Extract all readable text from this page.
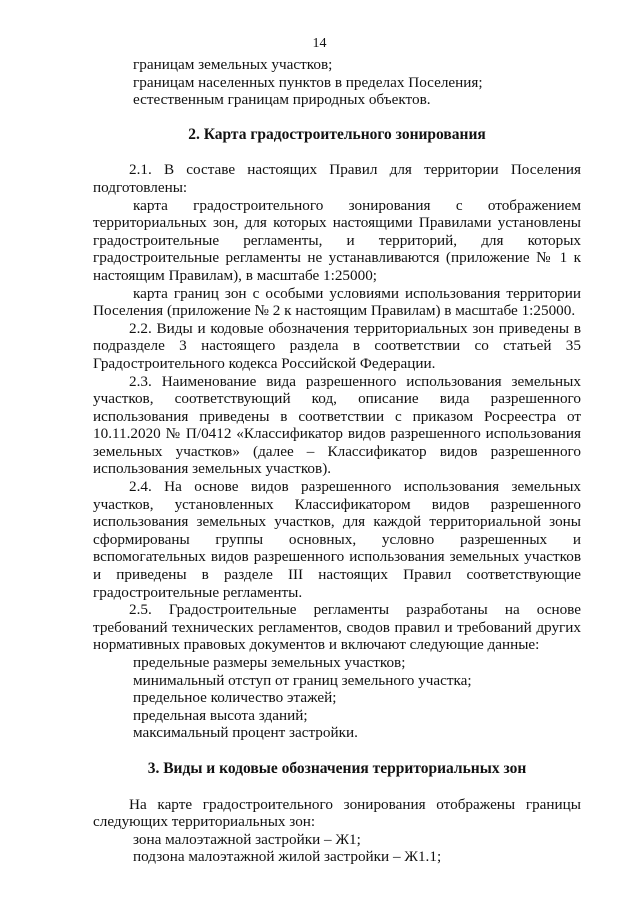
14

границам земельных участков;

границам населенных пунктов в пределах Поселения;

естественным границам природных объектов.

2. Карта градостроительного зонирования

2.1. В составе настоящих Правил для территории Поселения

подготовлены:

карта градостроительного зонирования с отображением

территориальных зон, для которых настоящими Правилами установлены

градостроительные регламенты, и территорий, для которых

градостроительные регламенты не устанавливаются (приложение № 1 к

настоящим Правилам), в масштабе 1:25000;

карта границ зон с особыми условиями использования территории

Поселения (приложение № 2 к настоящим Правилам) в масштабе 1:25000.

2.2. Виды и кодовые обозначения территориальных зон приведены в

подразделе 3 настоящего раздела в соответствии со статьей 35

Градостроительного кодекса Российской Федерации.

2.3. Наименование вида разрешенного использования земельных

участков, соответствующий код, описание вида разрешенного

использования приведены в соответствии с приказом Росреестра от

10.11.2020 № П/0412 «Классификатор видов разрешенного использования

земельных участков» (далее – Классификатор видов разрешенного

использования земельных участков).

2.4. На основе видов разрешенного использования земельных

участков, установленных Классификатором видов разрешенного

использования земельных участков, для каждой территориальной зоны

сформированы группы основных, условно разрешенных и

вспомогательных видов разрешенного использования земельных участков

и приведены в разделе III настоящих Правил соответствующие

градостроительные регламенты.

2.5. Градостроительные регламенты разработаны на основе

требований технических регламентов, сводов правил и требований других

нормативных правовых документов и включают следующие данные:

предельные размеры земельных участков;

минимальный отступ от границ земельного участка;

предельное количество этажей;

предельная высота зданий;

максимальный процент застройки.

3. Виды и кодовые обозначения территориальных зон

На карте градостроительного зонирования отображены границы

следующих территориальных зон:

зона малоэтажной застройки – Ж1;

подзона малоэтажной жилой застройки – Ж1.1;
